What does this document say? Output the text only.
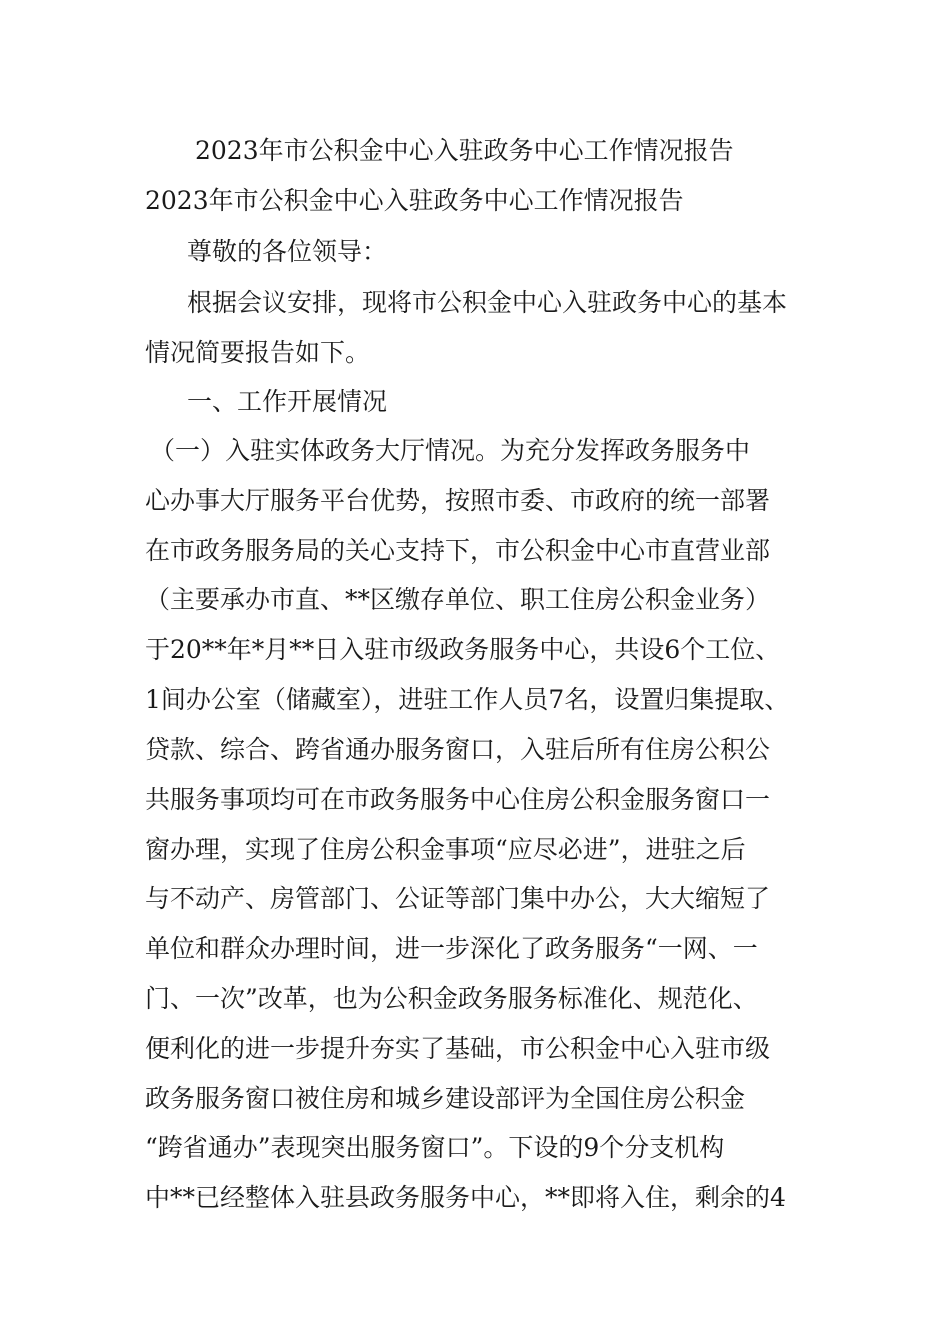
2023年市公积金中心入驻政务中心工作情况报告
2023年市公积金中心入驻政务中心工作情况报告
尊敬的各位领导：
根据会议安排，现将市公积金中心入驻政务中心的基本
情况简要报告如下。
一、工作开展情况
（一）入驻实体政务大厅情况。为充分发挥政务服务中
心办事大厅服务平台优势，按照市委、市政府的统一部署
在市政务服务局的关心支持下，市公积金中心市直营业部
（主要承办市直、**区缴存单位、职工住房公积金业务）
于20**年*月**日入驻市级政务服务中心，共设6个工位、
1间办公室（储藏室），进驻工作人员7名，设置归集提取、
贷款、综合、跨省通办服务窗口，入驻后所有住房公积公
共服务事项均可在市政务服务中心住房公积金服务窗口一
窗办理，实现了住房公积金事项“应尽必进”，进驻之后
与不动产、房管部门、公证等部门集中办公，大大缩短了
单位和群众办理时间，进一步深化了政务服务“一网、一
门、一次”改革，也为公积金政务服务标准化、规范化、
便利化的进一步提升夯实了基础，市公积金中心入驻市级
政务服务窗口被住房和城乡建设部评为全国住房公积金
“跨省通办”表现突出服务窗口”。下设的9个分支机构
中**已经整体入驻县政务服务中心，**即将入住，剩余的4
